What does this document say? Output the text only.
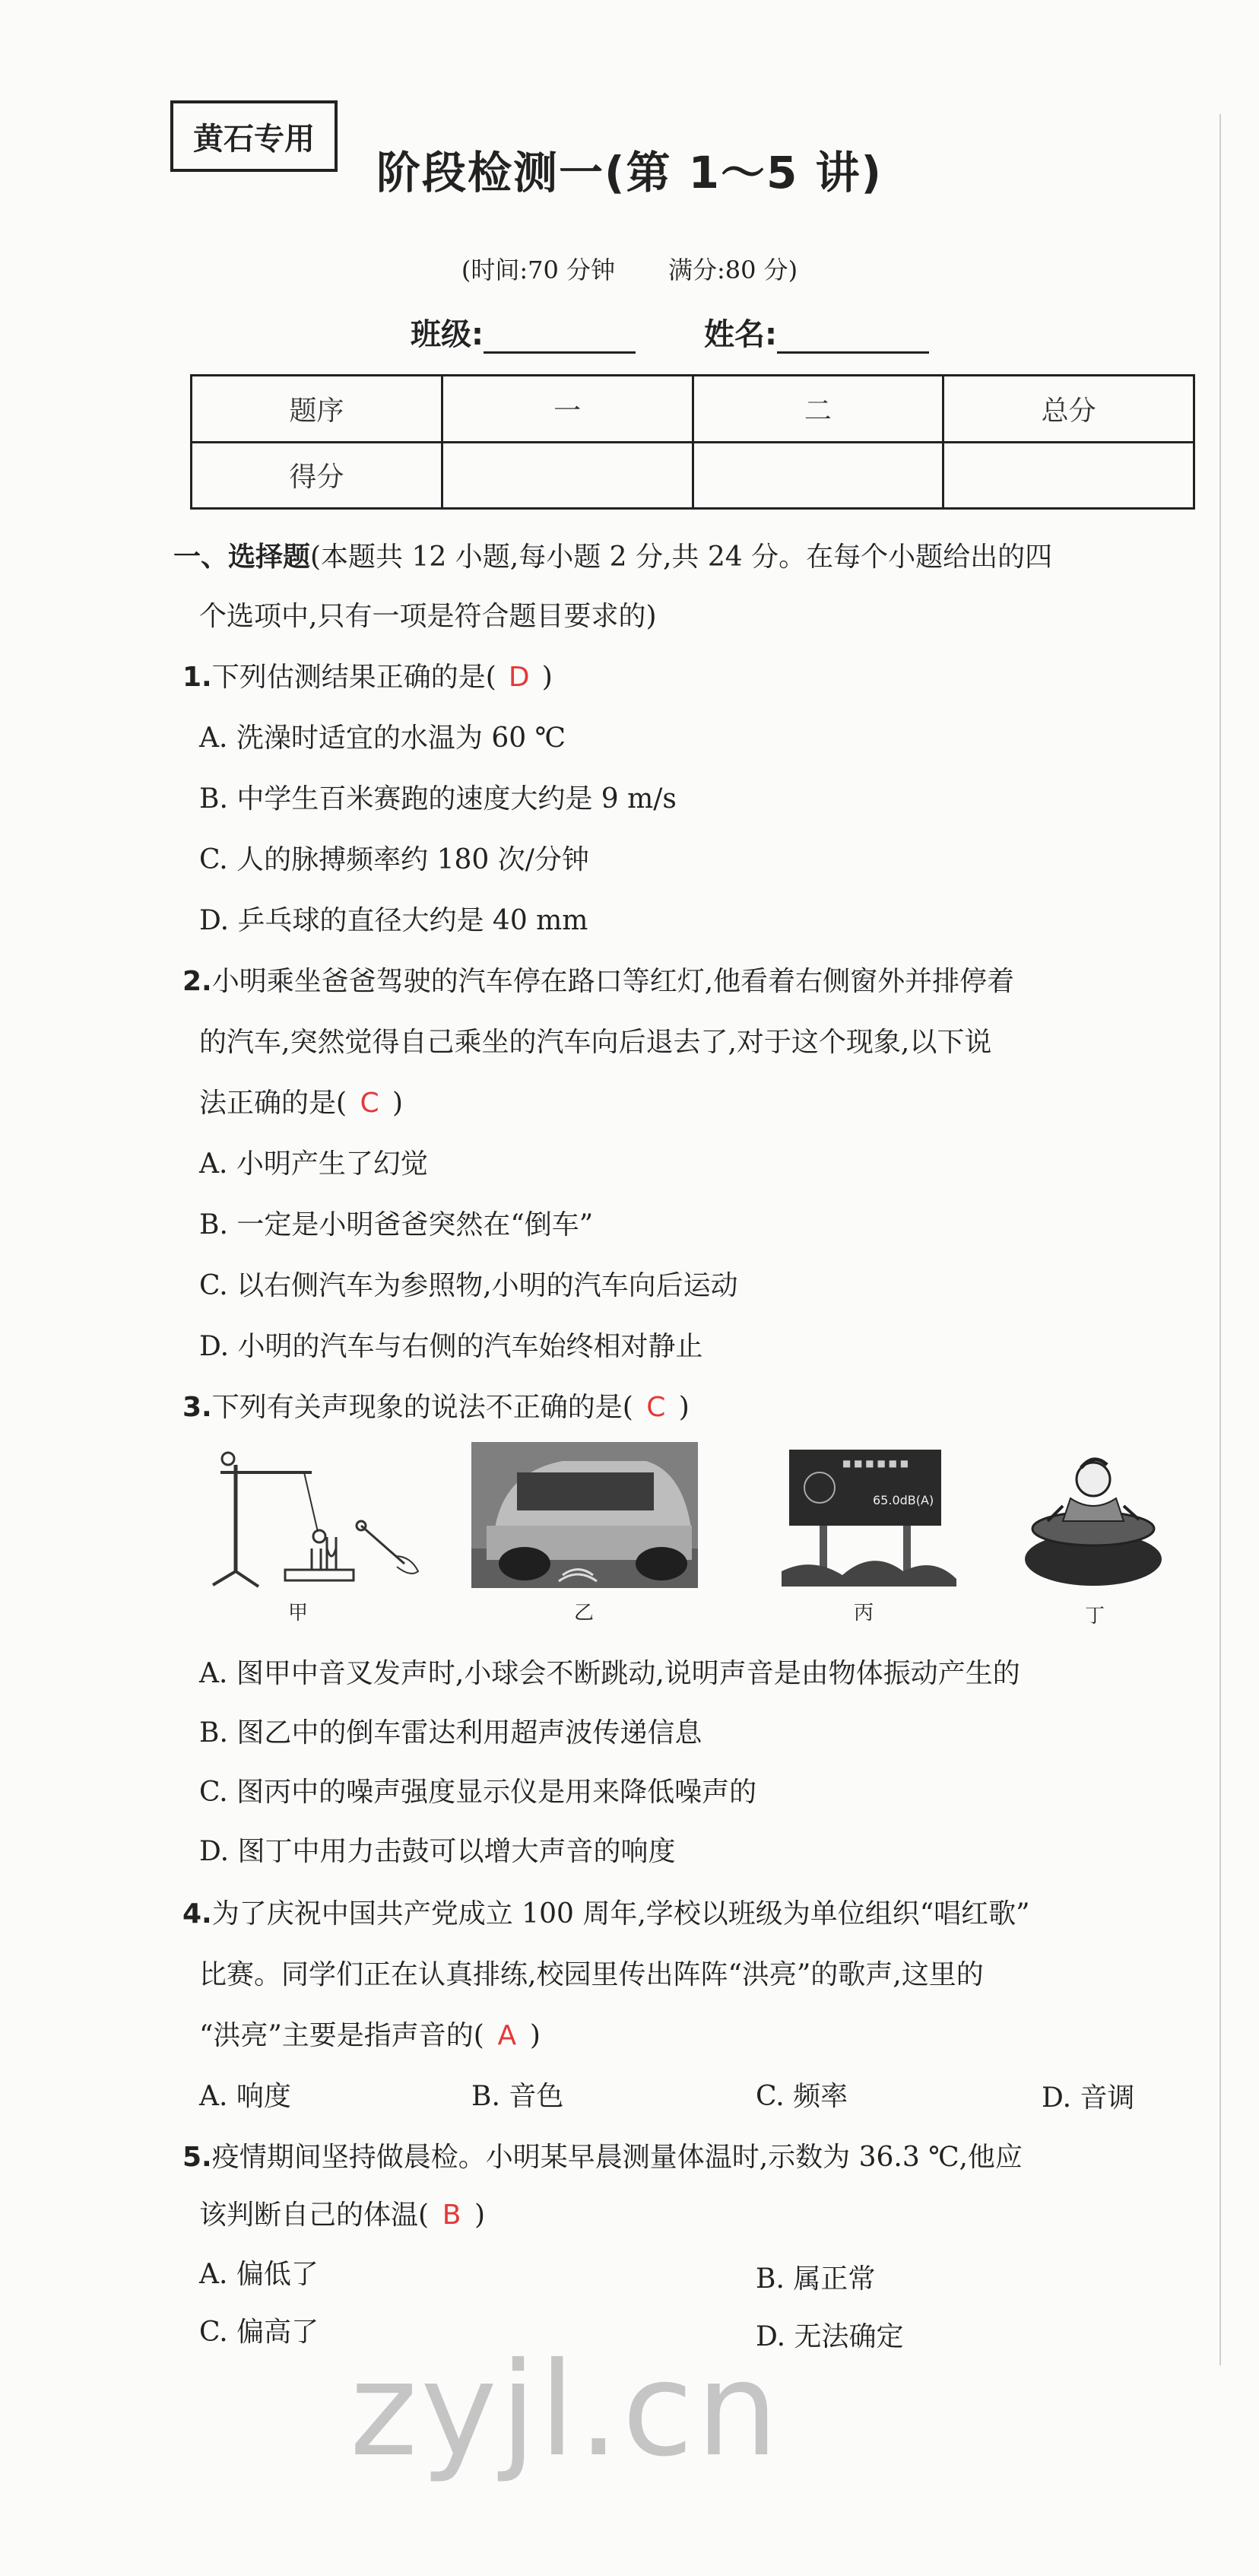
黄石专用
阶段检测一(第 1～5 讲)
(时间:70 分钟 满分:80 分)
班级:	姓名:
题序	一	二	总分
得分			
一、选择题(本题共 12 小题,每小题 2 分,共 24 分。在每个小题给出的四
个选项中,只有一项是符合题目要求的)
1.下列估测结果正确的是( D )
A. 洗澡时适宜的水温为 60 ℃
B. 中学生百米赛跑的速度大约是 9 m/s
C. 人的脉搏频率约 180 次/分钟
D. 乒乓球的直径大约是 40 mm
2.小明乘坐爸爸驾驶的汽车停在路口等红灯,他看着右侧窗外并排停着
的汽车,突然觉得自己乘坐的汽车向后退去了,对于这个现象,以下说
法正确的是( C )
A. 小明产生了幻觉
B. 一定是小明爸爸突然在“倒车”
C. 以右侧汽车为参照物,小明的汽车向后运动
D. 小明的汽车与右侧的汽车始终相对静止
3.下列有关声现象的说法不正确的是( C )
甲	乙
■ ■ ■ ■ ■ ■
65.0dB(A)
丙	丁
A. 图甲中音叉发声时,小球会不断跳动,说明声音是由物体振动产生的
B. 图乙中的倒车雷达利用超声波传递信息
C. 图丙中的噪声强度显示仪是用来降低噪声的
D. 图丁中用力击鼓可以增大声音的响度
4.为了庆祝中国共产党成立 100 周年,学校以班级为单位组织“唱红歌”
比赛。同学们正在认真排练,校园里传出阵阵“洪亮”的歌声,这里的
“洪亮”主要是指声音的( A )
A. 响度	B. 音色	C. 频率	D. 音调
5.疫情期间坚持做晨检。小明某早晨测量体温时,示数为 36.3 ℃,他应
该判断自己的体温( B )
A. 偏低了	B. 属正常
C. 偏高了	D. 无法确定
zyjl.cn
